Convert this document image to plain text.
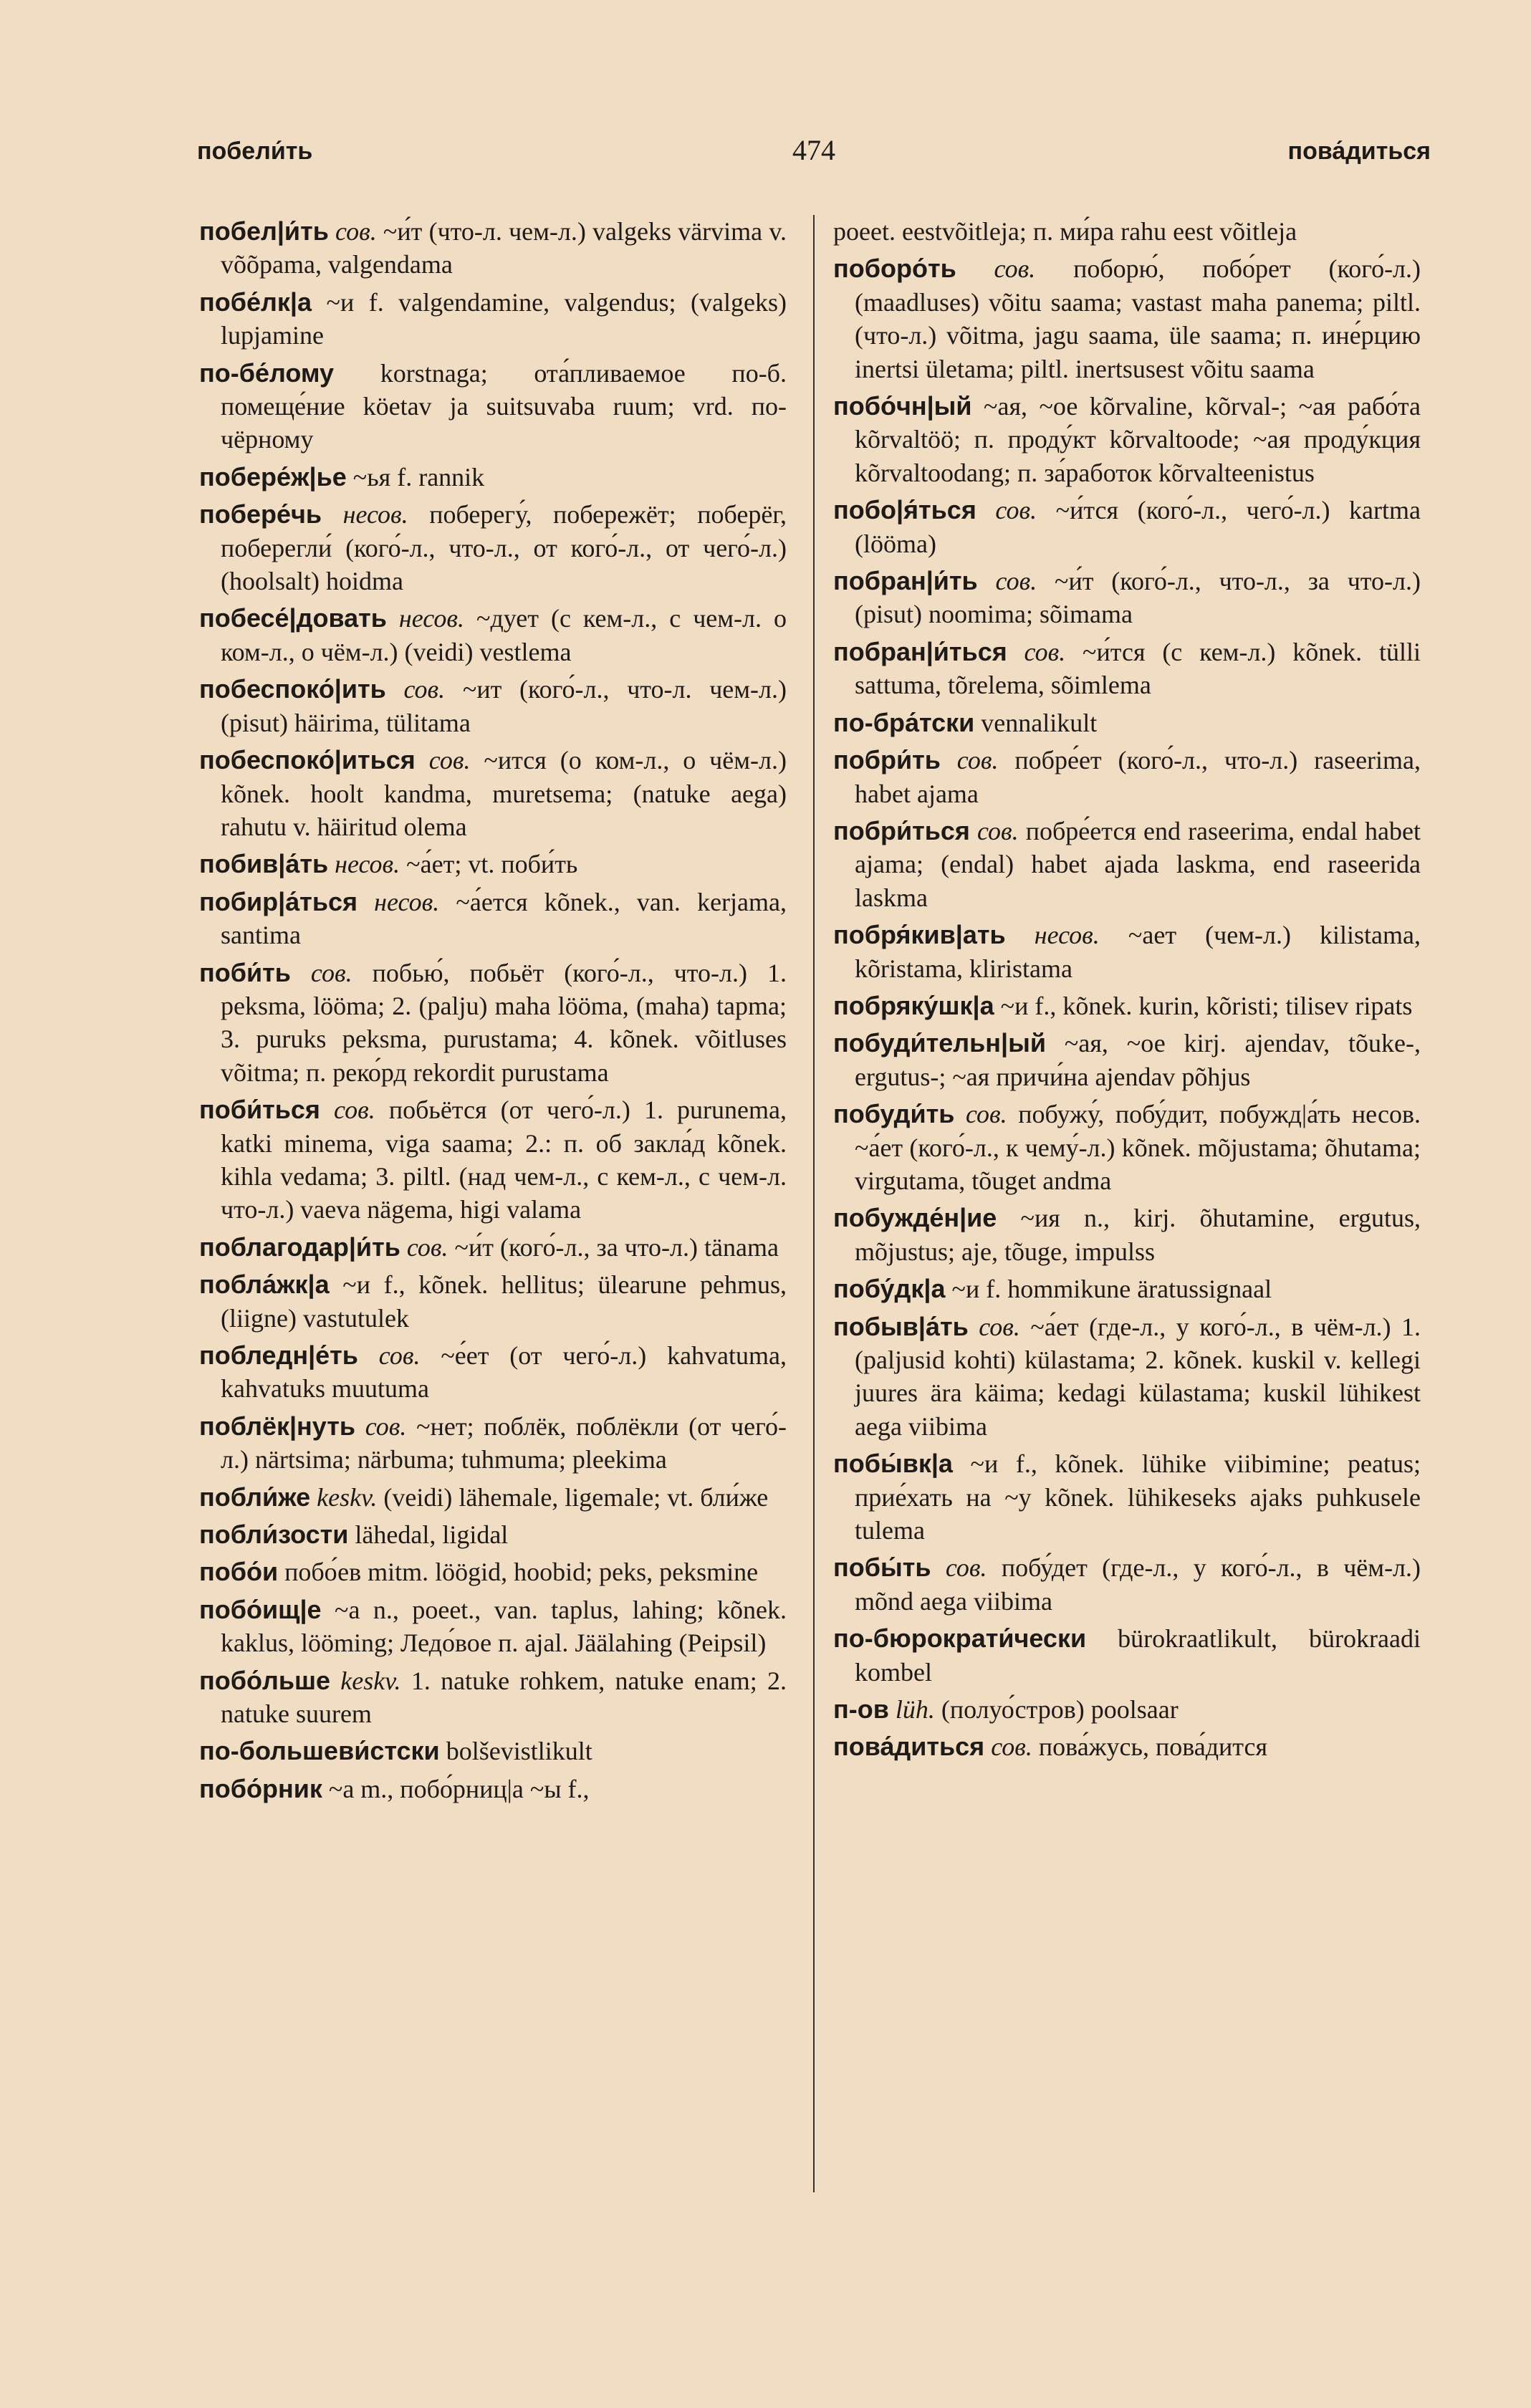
побели́ть	474	пова́диться

побел|и́ть сов. ~и́т (что-л. чем-л.) valgeks värvima v. võõpama, valgendama

побе́лк|а ~и f. valgendamine, valgendus; (valgeks) lupjamine

по-бе́лому korstnaga; ота́пливаемое по-б. помеще́ние köetav ja suitsuvaba ruum; vrd. по-чёрному

побере́ж|ье ~ья f. rannik

побере́чь несов. поберегу́, побережёт; поберёг, поберегли́ (кого́-л., что-л., от кого́-л., от чего́-л.) (hoolsalt) hoidma

побесе́|довать несов. ~дует (с кем-л., с чем-л. о ком-л., о чём-л.) (veidi) vestlema

побеспоко́|ить сов. ~ит (кого́-л., что-л. чем-л.) (pisut) häirima, tülitama

побеспоко́|иться сов. ~ится (о ком-л., о чём-л.) kõnek. hoolt kandma, muretsema; (natuke aega) rahutu v. häiritud olema

побив|а́ть несов. ~а́ет; vt. поби́ть

побир|а́ться несов. ~а́ется kõnek., van. kerjama, santima

поби́ть сов. побью́, побьёт (кого́-л., что-л.) 1. peksma, lööma; 2. (palju) maha lööma, (maha) tapma; 3. puruks peksma, purustama; 4. kõnek. võitluses võitma; п. реко́рд rekordit purustama

поби́ться сов. побьётся (от чего́-л.) 1. purunema, katki minema, viga saama; 2.: п. об закла́д kõnek. kihla vedama; 3. piltl. (над чем-л., с кем-л., с чем-л. что-л.) vaeva nägema, higi valama

поблагодар|и́ть сов. ~и́т (кого́-л., за что-л.) tänama

побла́жк|а ~и f., kõnek. hellitus; ülearune pehmus, (liigne) vastutulek

побледн|е́ть сов. ~е́ет (от чего́-л.) kahvatuma, kahvatuks muutuma

поблёк|нуть сов. ~нет; поблёк, поблёкли (от чего́-л.) närtsima; närbuma; tuhmuma; pleekima

побли́же keskv. (veidi) lähemale, ligemale; vt. бли́же

побли́зости lähedal, ligidal

побо́и побо́ев mitm. löögid, hoobid; peks, peksmine

побо́ищ|е ~а n., poeet., van. taplus, lahing; kõnek. kaklus, lööming; Ледо́вое п. ajal. Jäälahing (Peipsil)

побо́льше keskv. 1. natuke rohkem, natuke enam; 2. natuke suurem

по-большеви́стски bolševistlikult

побо́рник ~а m., побо́рниц|а ~ы f.,

poeet. eestvõitleja; п. ми́ра rahu eest võitleja

поборо́ть сов. поборю́, побо́рет (кого́-л.) (maadluses) võitu saama; vastast maha panema; piltl. (что-л.) võitma, jagu saama, üle saama; п. ине́рцию inertsi ületama; piltl. inertsusest võitu saama

побо́чн|ый ~ая, ~ое kõrvaline, kõrval-; ~ая рабо́та kõrvaltöö; п. проду́кт kõrvaltoode; ~ая проду́кция kõrvaltoodang; п. за́работок kõrvalteenistus

побо|я́ться сов. ~и́тся (кого́-л., чего́-л.) kartma (lööma)

побран|и́ть сов. ~и́т (кого́-л., что-л., за что-л.) (pisut) noomima; sõimama

побран|и́ться сов. ~и́тся (с кем-л.) kõnek. tülli sattuma, tõrelema, sõimlema

по-бра́тски vennalikult

побри́ть сов. побре́ет (кого́-л., что-л.) raseerima, habet ajama

побри́ться сов. побре́ется end raseerima, endal habet ajama; (endal) habet ajada laskma, end raseerida laskma

побря́кив|ать несов. ~ает (чем-л.) kilistama, kõristama, kliristama

побряку́шк|а ~и f., kõnek. kurin, kõristi; tilisev ripats

побуди́тельн|ый ~ая, ~ое kirj. ajendav, tõuke-, ergutus-; ~ая причи́на ajendav põhjus

побуди́ть сов. побужу́, побу́дит, побужд|а́ть несов. ~а́ет (кого́-л., к чему́-л.) kõnek. mõjustama; õhutama; virgutama, tõuget andma

побужде́н|ие ~ия n., kirj. õhutamine, ergutus, mõjustus; aje, tõuge, impulss

побу́дк|а ~и f. hommikune äratussignaal

побыв|а́ть сов. ~а́ет (где-л., у кого́-л., в чём-л.) 1. (paljusid kohti) külastama; 2. kõnek. kuskil v. kellegi juures ära käima; kedagi külastama; kuskil lühikest aega viibima

побы́вк|а ~и f., kõnek. lühike viibimine; peatus; прие́хать на ~у kõnek. lühikeseks ajaks puhkusele tulema

побы́ть сов. побу́дет (где-л., у кого́-л., в чём-л.) mõnd aega viibima

по-бюрократи́чески bürokraatlikult, bürokraadi kombel

п-ов lüh. (полуо́стров) poolsaar

пова́диться сов. пова́жусь, пова́дится
